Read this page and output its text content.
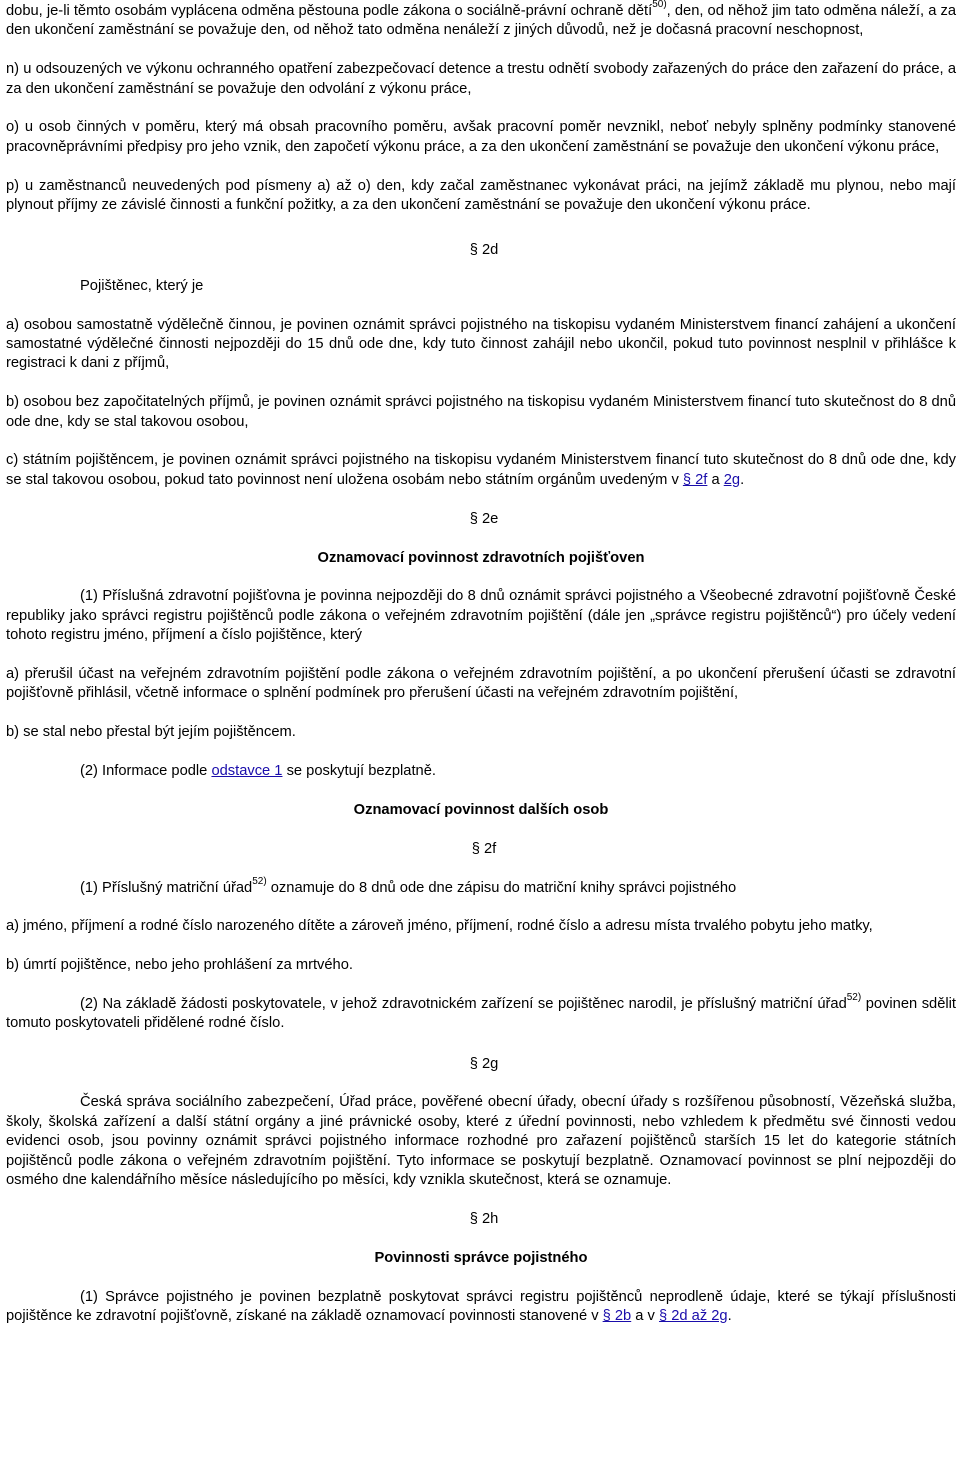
dobu, je-li těmto osobám vyplácena odměna pěstouna podle zákona o sociálně-právní ochraně dětí$^{50)}$, den, od něhož jim tato odměna náleží, a za den ukončení zaměstnání se považuje den, od něhož tato odměna nenáleží z jiných důvodů, než je dočasná pracovní neschopnost,

n) u odsouzených ve výkonu ochranného opatření zabezpečovací detence a trestu odnětí svobody zařazených do práce den zařazení do práce, a za den ukončení zaměstnání se považuje den odvolání z výkonu práce,

o) u osob činných v poměru, který má obsah pracovního poměru, avšak pracovní poměr nevznikl, neboť nebyly splněny podmínky stanovené pracovněprávními předpisy pro jeho vznik, den započetí výkonu práce, a za den ukončení zaměstnání se považuje den ukončení výkonu práce,

p) u zaměstnanců neuvedených pod písmeny a) až o) den, kdy začal zaměstnanec vykonávat práci, na jejímž základě mu plynou, nebo mají plynout příjmy ze závislé činnosti a funkční požitky, a za den ukončení zaměstnání se považuje den ukončení výkonu práce.

§ 2d

Pojištěnec, který je

a) osobou samostatně výdělečně činnou, je povinen oznámit správci pojistného na tiskopisu vydaném Ministerstvem financí zahájení a ukončení samostatné výdělečné činnosti nejpozději do 15 dnů ode dne, kdy tuto činnost zahájil nebo ukončil, pokud tuto povinnost nesplnil v přihlášce k registraci k dani z příjmů,

b) osobou bez započitatelných příjmů, je povinen oznámit správci pojistného na tiskopisu vydaném Ministerstvem financí tuto skutečnost do 8 dnů ode dne, kdy se stal takovou osobou,

c) státním pojištěncem, je povinen oznámit správci pojistného na tiskopisu vydaném Ministerstvem financí tuto skutečnost do 8 dnů ode dne, kdy se stal takovou osobou, pokud tato povinnost není uložena osobám nebo státním orgánům uvedeným v § 2f a 2g.

§ 2e

Oznamovací povinnost zdravotních pojišťoven

(1) Příslušná zdravotní pojišťovna je povinna nejpozději do 8 dnů oznámit správci pojistného a Všeobecné zdravotní pojišťovně České republiky jako správci registru pojištěnců podle zákona o veřejném zdravotním pojištění (dále jen „správce registru pojištěnců“) pro účely vedení tohoto registru jméno, příjmení a číslo pojištěnce, který

a) přerušil účast na veřejném zdravotním pojištění podle zákona o veřejném zdravotním pojištění, a po ukončení přerušení účasti se zdravotní pojišťovně přihlásil, včetně informace o splnění podmínek pro přerušení účasti na veřejném zdravotním pojištění,

b) se stal nebo přestal být jejím pojištěncem.

(2) Informace podle odstavce 1 se poskytují bezplatně.

Oznamovací povinnost dalších osob

§ 2f

(1) Příslušný matriční úřad$^{52)}$ oznamuje do 8 dnů ode dne zápisu do matriční knihy správci pojistného

a) jméno, příjmení a rodné číslo narozeného dítěte a zároveň jméno, příjmení, rodné číslo a adresu místa trvalého pobytu jeho matky,

b) úmrtí pojištěnce, nebo jeho prohlášení za mrtvého.

(2) Na základě žádosti poskytovatele, v jehož zdravotnickém zařízení se pojištěnec narodil, je příslušný matriční úřad$^{52)}$ povinen sdělit tomuto poskytovateli přidělené rodné číslo.

§ 2g

Česká správa sociálního zabezpečení, Úřad práce, pověřené obecní úřady, obecní úřady s rozšířenou působností, Vězeňská služba, školy, školská zařízení a další státní orgány a jiné právnické osoby, které z úřední povinnosti, nebo vzhledem k předmětu své činnosti vedou evidenci osob, jsou povinny oznámit správci pojistného informace rozhodné pro zařazení pojištěnců starších 15 let do kategorie státních pojištěnců podle zákona o veřejném zdravotním pojištění. Tyto informace se poskytují bezplatně. Oznamovací povinnost se plní nejpozději do osmého dne kalendářního měsíce následujícího po měsíci, kdy vznikla skutečnost, která se oznamuje.

§ 2h

Povinnosti správce pojistného

(1) Správce pojistného je povinen bezplatně poskytovat správci registru pojištěnců neprodleně údaje, které se týkají příslušnosti pojištěnce ke zdravotní pojišťovně, získané na základě oznamovací povinnosti stanovené v § 2b a v § 2d až 2g.
